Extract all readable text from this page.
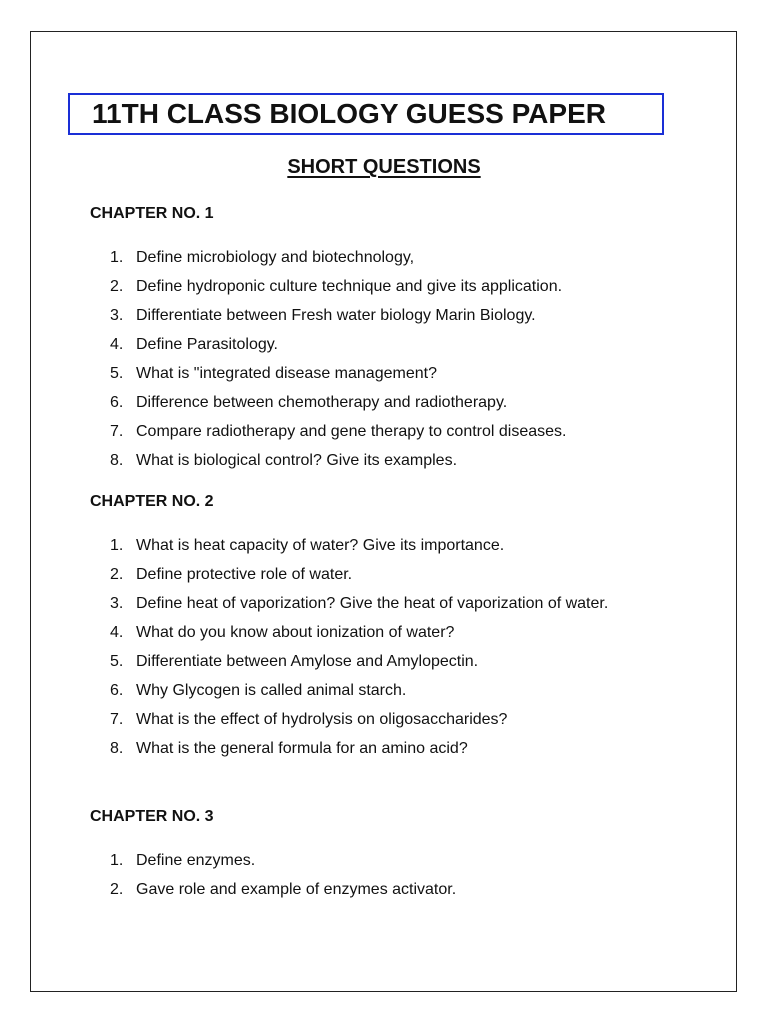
11TH CLASS BIOLOGY GUESS PAPER
SHORT QUESTIONS
CHAPTER NO. 1
1. Define microbiology and biotechnology,
2. Define hydroponic culture technique and give its application.
3. Differentiate between Fresh water biology Marin Biology.
4. Define Parasitology.
5. What is "integrated disease management?
6. Difference between chemotherapy and radiotherapy.
7. Compare radiotherapy and gene therapy to control diseases.
8. What is biological control? Give its examples.
CHAPTER NO. 2
1. What is heat capacity of water? Give its importance.
2. Define protective role of water.
3. Define heat of vaporization? Give the heat of vaporization of water.
4. What do you know about ionization of water?
5. Differentiate between Amylose and Amylopectin.
6. Why Glycogen is called animal starch.
7. What is the effect of hydrolysis on oligosaccharides?
8. What is the general formula for an amino acid?
CHAPTER NO. 3
1. Define enzymes.
2. Gave role and example of enzymes activator.
